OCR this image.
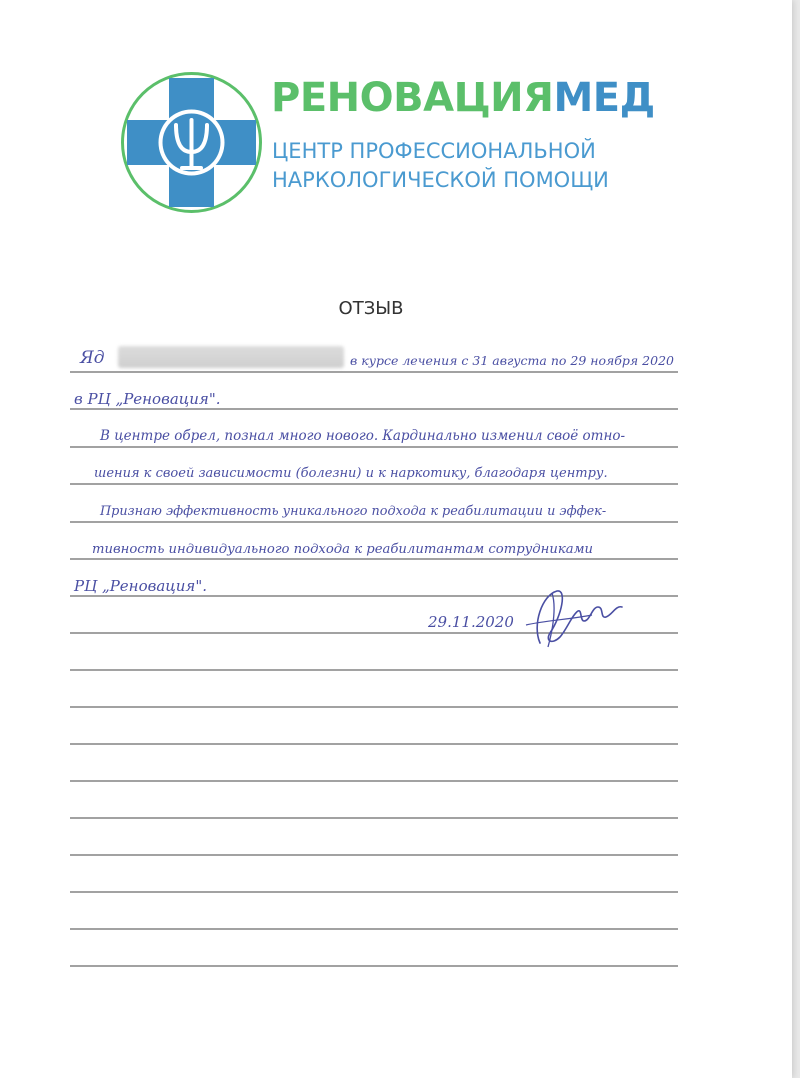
РЕНОВАЦИЯМЕД
ЦЕНТР ПРОФЕССИОНАЛЬНОЙ
НАРКОЛОГИЧЕСКОЙ ПОМОЩИ
ОТЗЫВ
Яд	в курсе лечения с 31 августа по 29 ноября 2020
в РЦ „Реновация".
В центре обрел, познал много нового. Кардинально изменил своё отно-
шения к своей зависимости (болезни) и к наркотику, благодаря центру.
Признаю эффективность уникального подхода к реабилитации и эффек-
тивность индивидуального подхода к реабилитантам сотрудниками
РЦ „Реновация".
29.11.2020
